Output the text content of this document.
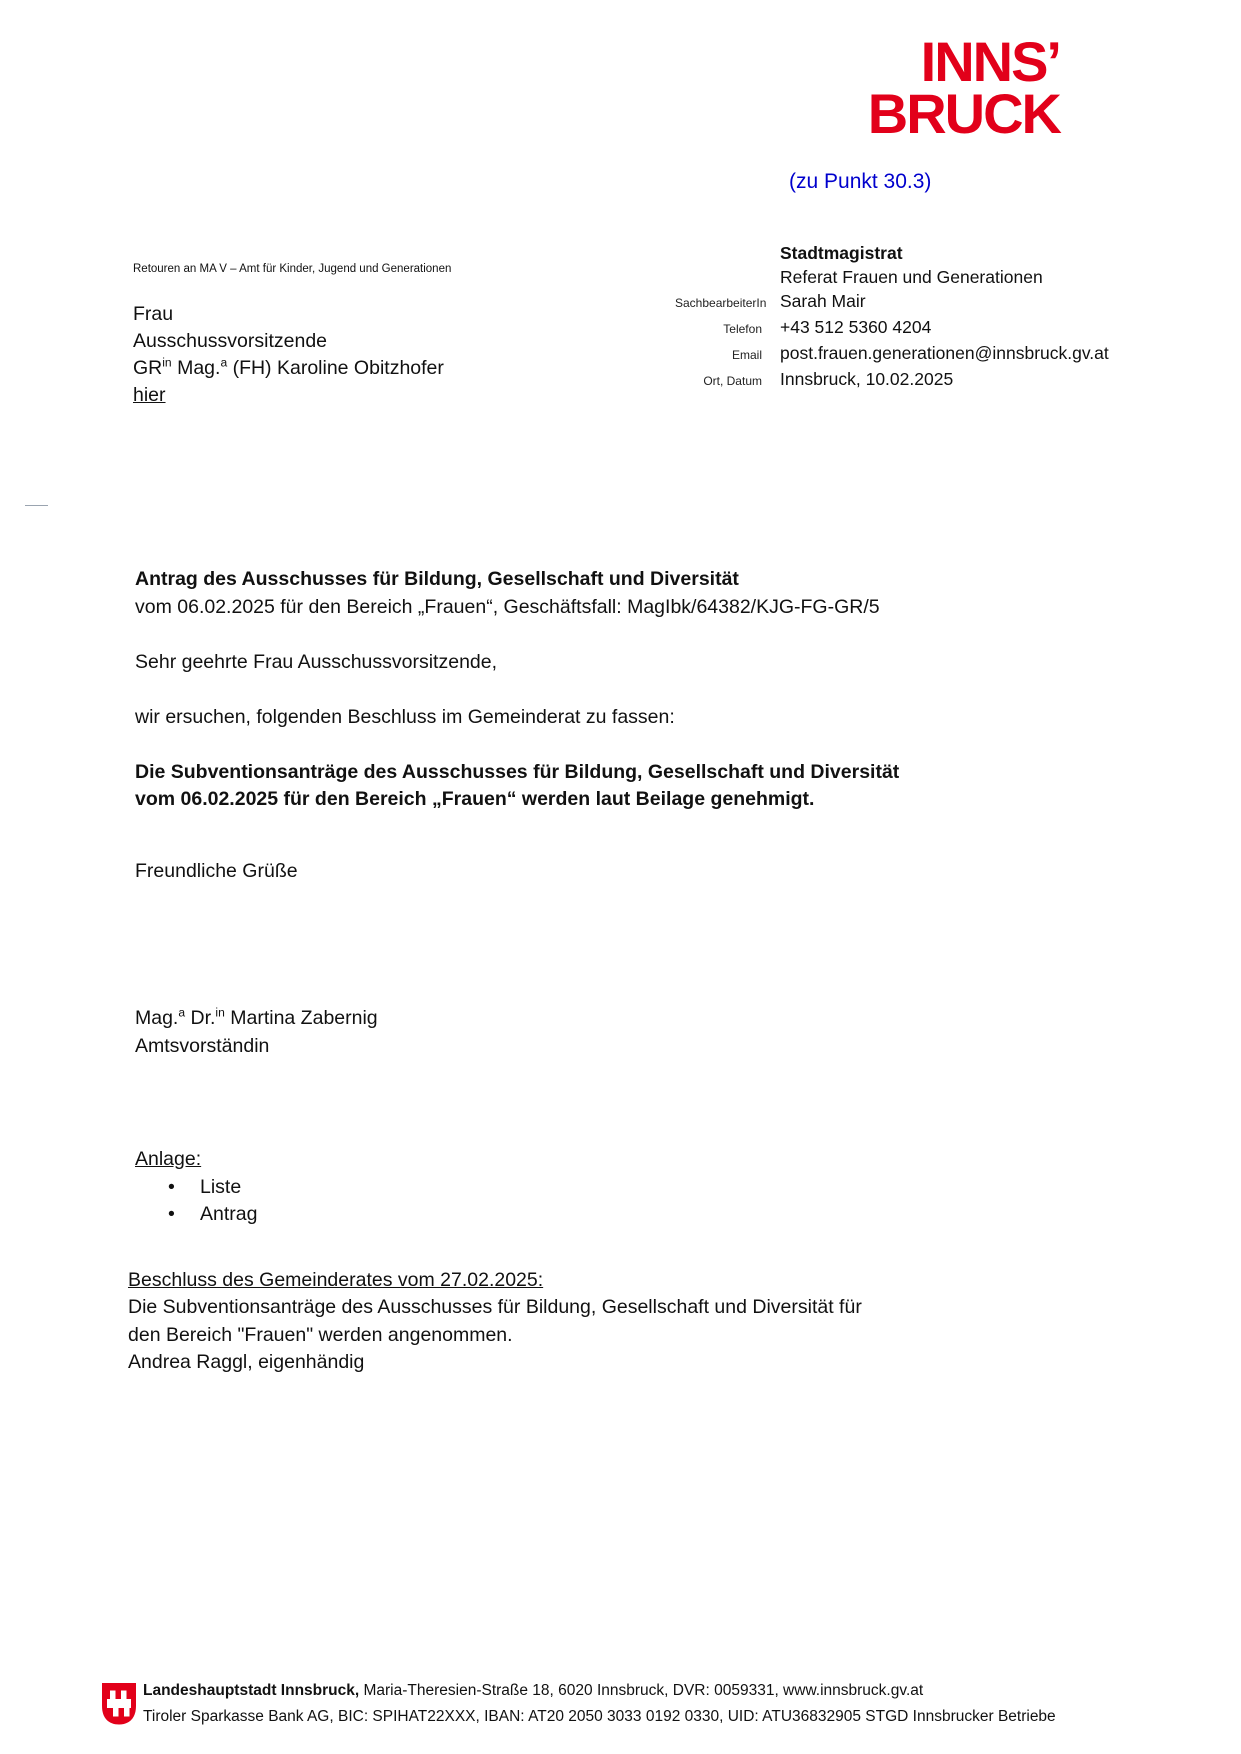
INNS’
BRUCK
(zu Punkt 30.3)
Stadtmagistrat
Referat Frauen und Generationen
SachbearbeiterIn Sarah Mair
Telefon +43 512 5360 4204
Email post.frauen.generationen@innsbruck.gv.at
Ort, Datum Innsbruck, 10.02.2025
Retouren an MA V – Amt für Kinder, Jugend und Generationen
Frau
Ausschussvorsitzende
$GR^{in}$ Mag.$^a$ (FH) Karoline Obitzhofer
hier
Antrag des Ausschusses für Bildung, Gesellschaft und Diversität
vom 06.02.2025 für den Bereich „Frauen“, Geschäftsfall: MagIbk/64382/KJG-FG-GR/5
Sehr geehrte Frau Ausschussvorsitzende,
wir ersuchen, folgenden Beschluss im Gemeinderat zu fassen:
Die Subventionsanträge des Ausschusses für Bildung, Gesellschaft und Diversität
vom 06.02.2025 für den Bereich „Frauen“ werden laut Beilage genehmigt.
Freundliche Grüße
Mag.$^a$ Dr.$^{in}$ Martina Zabernig
Amtsvorständin
Anlage:
•	Liste
•	Antrag
Beschluss des Gemeinderates vom 27.02.2025:
Die Subventionsanträge des Ausschusses für Bildung, Gesellschaft und Diversität für
den Bereich "Frauen" werden angenommen.
Andrea Raggl, eigenhändig
Landeshauptstadt Innsbruck, Maria-Theresien-Straße 18, 6020 Innsbruck, DVR: 0059331, www.innsbruck.gv.at
Tiroler Sparkasse Bank AG, BIC: SPIHAT22XXX, IBAN: AT20 2050 3033 0192 0330, UID: ATU36832905 STGD Innsbrucker Betriebe
